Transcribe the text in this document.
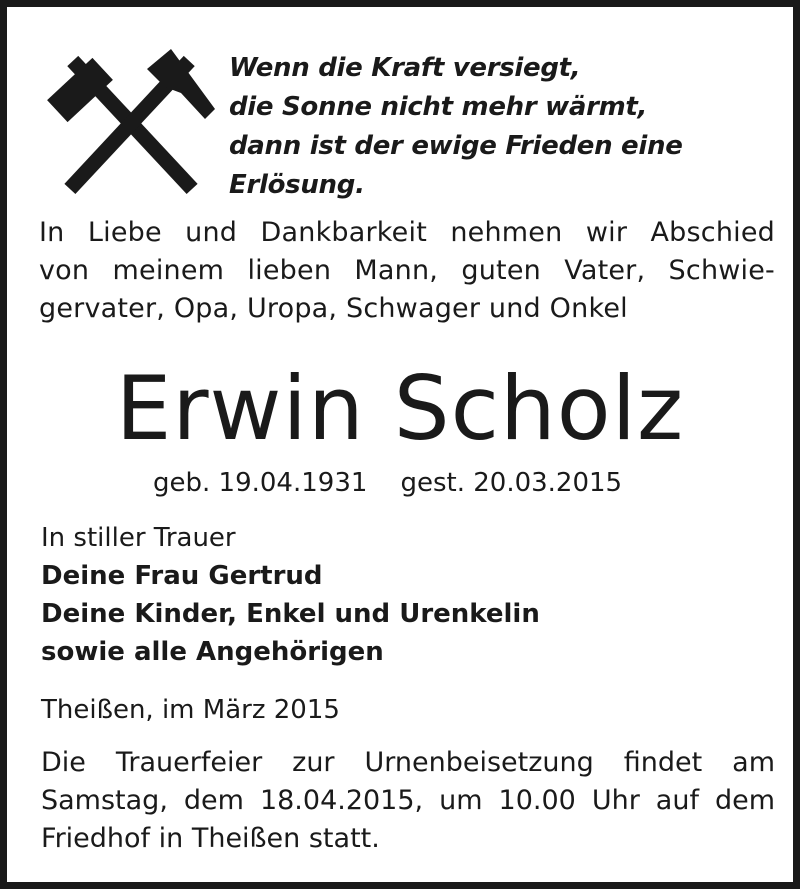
Wenn die Kraft versiegt,
die Sonne nicht mehr wärmt,
dann ist der ewige Frieden eine
Erlösung.

In Liebe und Dankbarkeit nehmen wir Abschied
von meinem lieben Mann, guten Vater, Schwie-
gervater, Opa, Uropa, Schwager und Onkel

Erwin Scholz

geb. 19.04.1931 gest. 20.03.2015

In stiller Trauer
Deine Frau Gertrud
Deine Kinder, Enkel und Urenkelin
sowie alle Angehörigen

Theißen, im März 2015

Die Trauerfeier zur Urnenbeisetzung findet am
Samstag, dem 18.04.2015, um 10.00 Uhr auf dem
Friedhof in Theißen statt.
